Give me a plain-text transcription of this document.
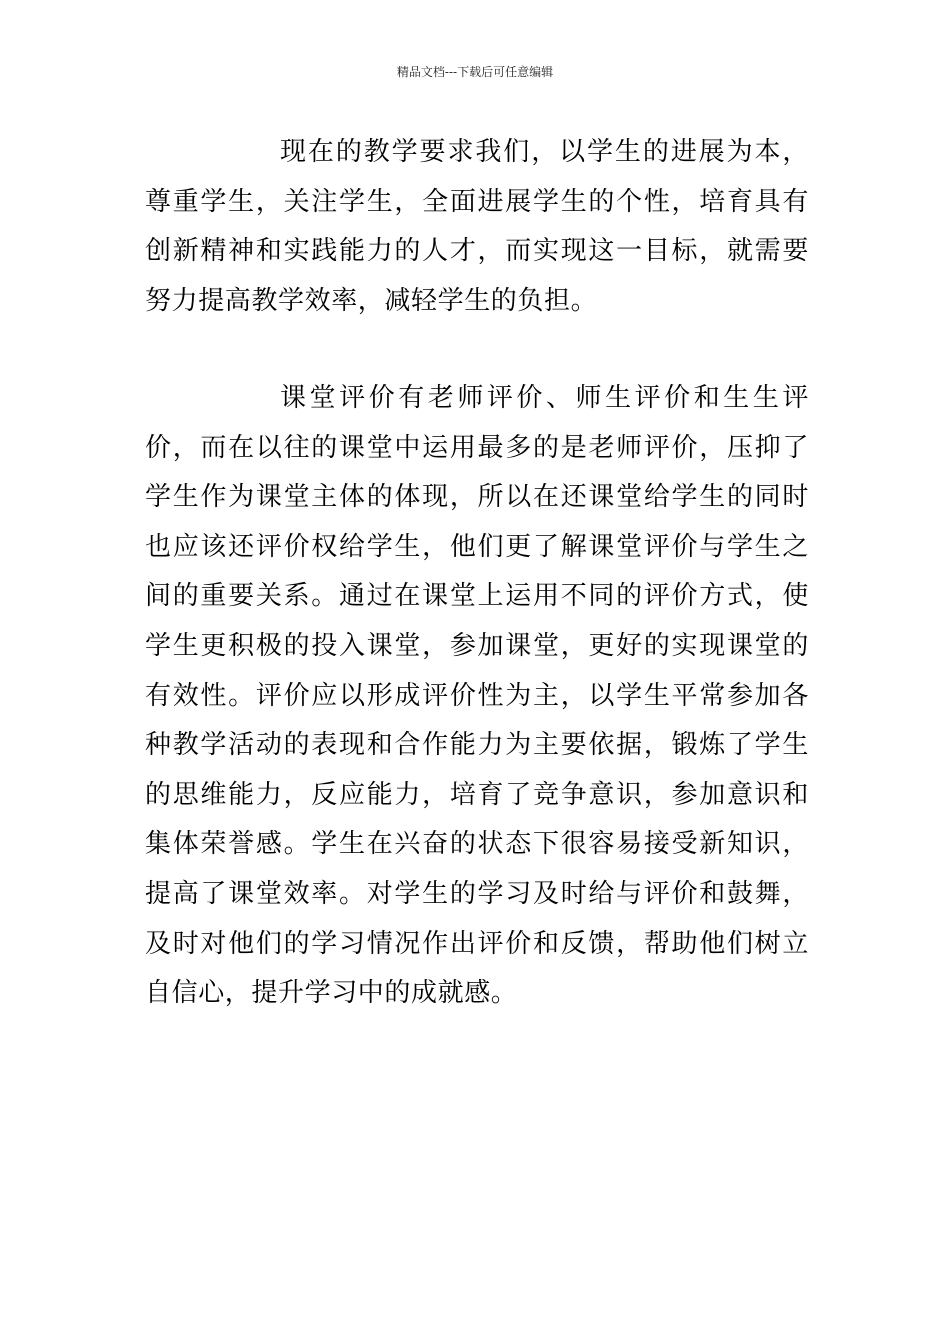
精品文档---下载后可任意编辑

现在的教学要求我们，以学生的进展为本，尊重学生，关注学生，全面进展学生的个性，培育具有创新精神和实践能力的人才，而实现这一目标，就需要努力提高教学效率，减轻学生的负担。

课堂评价有老师评价、师生评价和生生评价，而在以往的课堂中运用最多的是老师评价，压抑了学生作为课堂主体的体现，所以在还课堂给学生的同时也应该还评价权给学生，他们更了解课堂评价与学生之间的重要关系。通过在课堂上运用不同的评价方式，使学生更积极的投入课堂，参加课堂，更好的实现课堂的有效性。评价应以形成评价性为主，以学生平常参加各种教学活动的表现和合作能力为主要依据，锻炼了学生的思维能力，反应能力，培育了竞争意识，参加意识和集体荣誉感。学生在兴奋的状态下很容易接受新知识，提高了课堂效率。对学生的学习及时给与评价和鼓舞，及时对他们的学习情况作出评价和反馈，帮助他们树立自信心，提升学习中的成就感。
